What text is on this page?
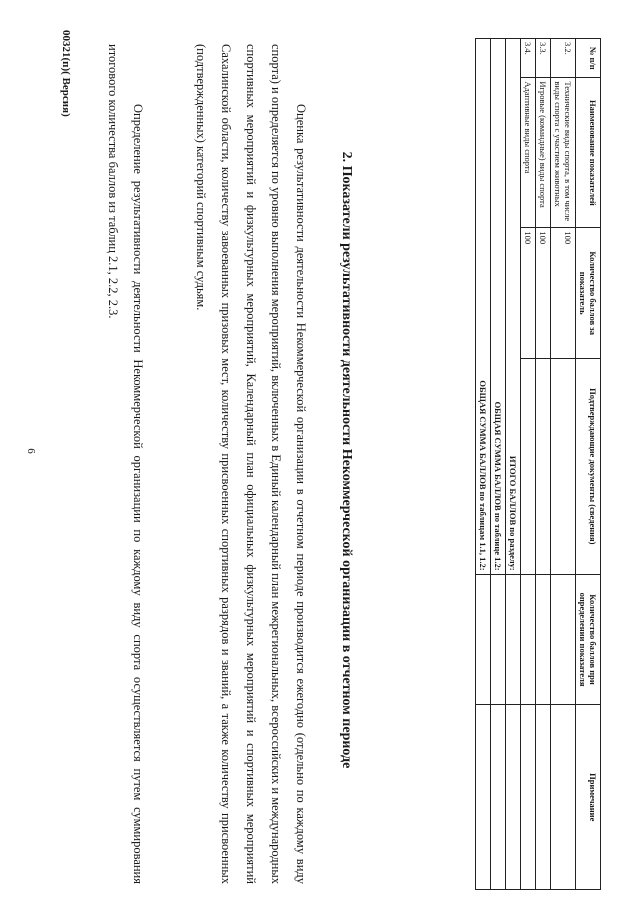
6
№ п/п	Наименование показателей	Количество баллов за показатель	Подтверждающие документы (сведения)	Количество баллов при определении показателя	Примечание
3.2.	Технические виды спорта, в том числе виды спорта с участием животных	100			
3.3.	Игровые (командные) виды спорта	100			
3.4.	Адаптивные виды спорта	100			
ИТОГО БАЛЛОВ по разделу:					
ОБЩАЯ СУММА БАЛЛОВ по таблице 1.2:					
ОБЩАЯ СУММА БАЛЛОВ по таблицам 1.1, 1.2:					
2. Показатели результативности деятельности Некоммерческой организации в отчетном периоде
Оценка результативности деятельности Некоммерческой организации в отчетном периоде производится ежегодно (отдельно по каждому виду спорта) и определяется по уровню выполнения мероприятий, включенных в Единый календарный план межрегиональных, всероссийских и международных спортивных мероприятий и физкультурных мероприятий, Календарный план официальных физкультурных мероприятий и спортивных мероприятий Сахалинской области, количеству завоеванных призовых мест, количеству присвоенных спортивных разрядов и званий, а также количеству присвоенных (подтвержденных) категорий спортивным судьям.
Определение результативности деятельности Некоммерческой организации по каждому виду спорта осуществляется путем суммирования итогового количества баллов из таблиц 2.1, 2.2, 2.3.
00321(п)( Версия)
